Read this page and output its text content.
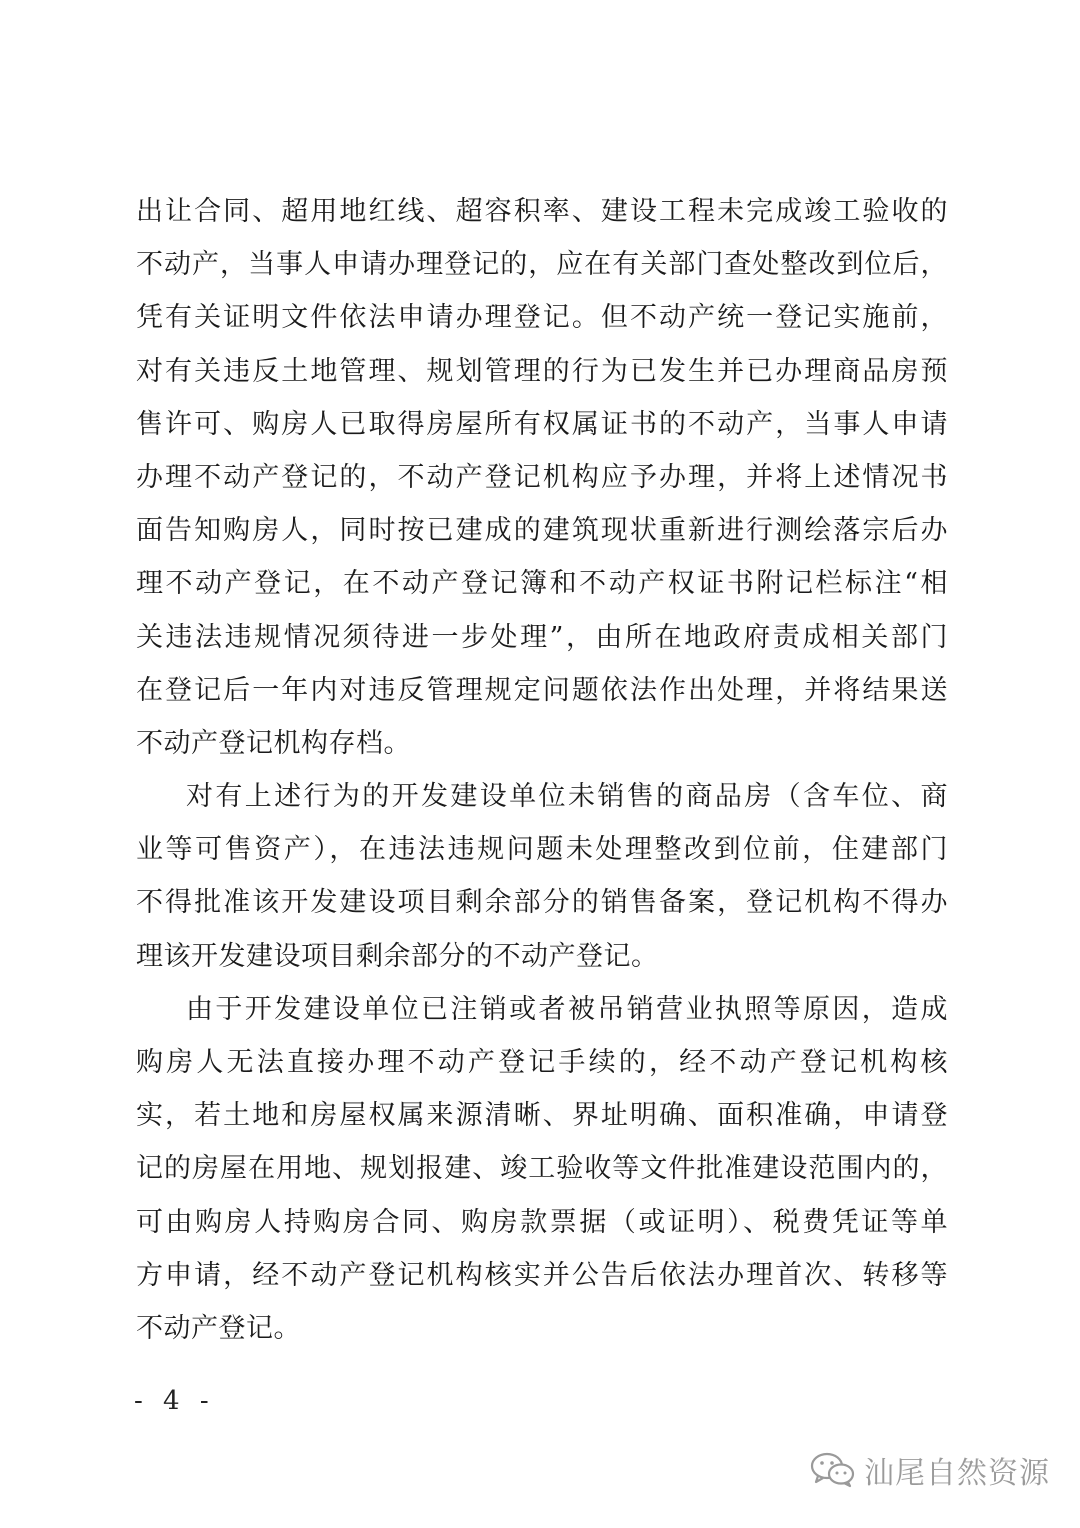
出让合同、超用地红线、超容积率、建设工程未完成竣工验收的
不动产，当事人申请办理登记的，应在有关部门查处整改到位后，
凭有关证明文件依法申请办理登记。但不动产统一登记实施前，
对有关违反土地管理、规划管理的行为已发生并已办理商品房预
售许可、购房人已取得房屋所有权属证书的不动产，当事人申请
办理不动产登记的，不动产登记机构应予办理，并将上述情况书
面告知购房人，同时按已建成的建筑现状重新进行测绘落宗后办
理不动产登记，在不动产登记簿和不动产权证书附记栏标注“相
关违法违规情况须待进一步处理”，由所在地政府责成相关部门
在登记后一年内对违反管理规定问题依法作出处理，并将结果送
不动产登记机构存档。
对有上述行为的开发建设单位未销售的商品房（含车位、商
业等可售资产），在违法违规问题未处理整改到位前，住建部门
不得批准该开发建设项目剩余部分的销售备案，登记机构不得办
理该开发建设项目剩余部分的不动产登记。
由于开发建设单位已注销或者被吊销营业执照等原因，造成
购房人无法直接办理不动产登记手续的，经不动产登记机构核
实，若土地和房屋权属来源清晰、界址明确、面积准确，申请登
记的房屋在用地、规划报建、竣工验收等文件批准建设范围内的，
可由购房人持购房合同、购房款票据（或证明）、税费凭证等单
方申请，经不动产登记机构核实并公告后依法办理首次、转移等
不动产登记。
- 4 -
汕尾自然资源
